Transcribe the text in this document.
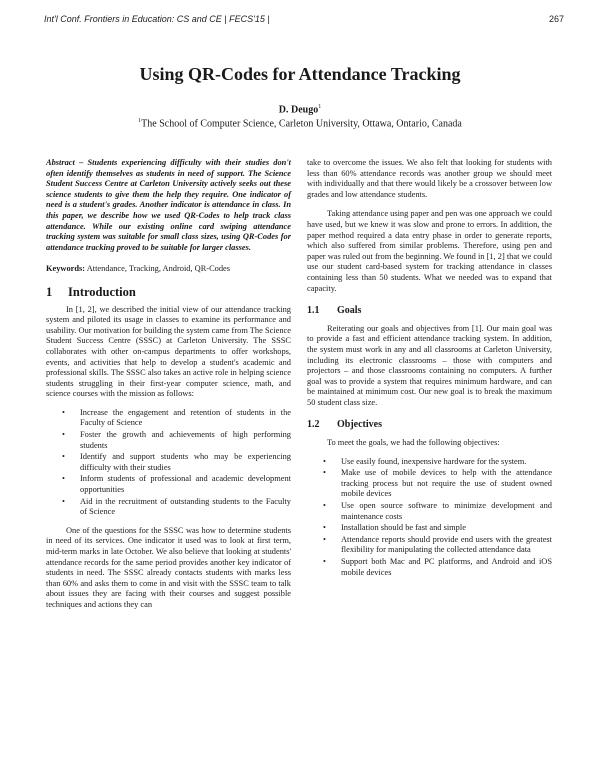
Int'l Conf. Frontiers in Education: CS and CE | FECS'15 |	267
Using QR-Codes for Attendance Tracking
D. Deugo$^1$
$^1$The School of Computer Science, Carleton University, Ottawa, Ontario, Canada

Abstract – Students experiencing difficulty with their studies don't often identify themselves as students in need of support. The Science Student Success Centre at Carleton University actively seeks out these science students to give them the help they require. One indicator of need is a student's grades. Another indicator is attendance in class. In this paper, we describe how we used QR-Codes to help track class attendance. While our existing online card swiping attendance tracking system was suitable for small class sizes, using QR-Codes for attendance tracking proved to be suitable for larger classes.

Keywords: Attendance, Tracking, Android, QR-Codes

1 Introduction

In [1, 2], we described the initial view of our attendance tracking system and piloted its usage in classes to examine its performance and usability. Our motivation for building the system came from The Science Student Success Centre (SSSC) at Carleton University. The SSSC collaborates with other on-campus departments to offer workshops, events, and activities that help to develop a student's academic and professional skills. The SSSC also takes an active role in helping science students struggling in their first-year computer science, math, and science courses with the mission as follows:

• Increase the engagement and retention of students in the Faculty of Science
• Foster the growth and achievements of high performing students
• Identify and support students who may be experiencing difficulty with their studies
• Inform students of professional and academic development opportunities
• Aid in the recruitment of outstanding students to the Faculty of Science

One of the questions for the SSSC was how to determine students in need of its services. One indicator it used was to look at first term, mid-term marks in late October. We also believe that looking at students' attendance records for the same period provides another key indicator of students in need. The SSSC already contacts students with marks less than 60% and asks them to come in and visit with the SSSC team to talk about issues they are facing with their courses and suggest possible techniques and actions they can

take to overcome the issues. We also felt that looking for students with less than 60% attendance records was another group we should meet with individually and that there would likely be a crossover between low grades and low attendance students.

Taking attendance using paper and pen was one approach we could have used, but we knew it was slow and prone to errors. In addition, the paper method required a data entry phase in order to generate reports, which also suffered from similar problems. Therefore, using pen and paper was ruled out from the beginning. We found in [1, 2] that we could use our student card-based system for tracking attendance in classes containing less than 50 students. What we needed was to expand that capacity.

1.1 Goals

Reiterating our goals and objectives from [1]. Our main goal was to provide a fast and efficient attendance tracking system. In addition, the system must work in any and all classrooms at Carleton University, including its electronic classrooms – those with computers and projectors – and those classrooms containing no computers. A further goal was to provide a system that requires minimum hardware, and can be maintained at minimum cost. Our new goal is to break the maximum 50 student class size.

1.2 Objectives

To meet the goals, we had the following objectives:

• Use easily found, inexpensive hardware for the system.
• Make use of mobile devices to help with the attendance tracking process but not require the use of student owned mobile devices
• Use open source software to minimize development and maintenance costs
• Installation should be fast and simple
• Attendance reports should provide end users with the greatest flexibility for manipulating the collected attendance data
• Support both Mac and PC platforms, and Android and iOS mobile devices
